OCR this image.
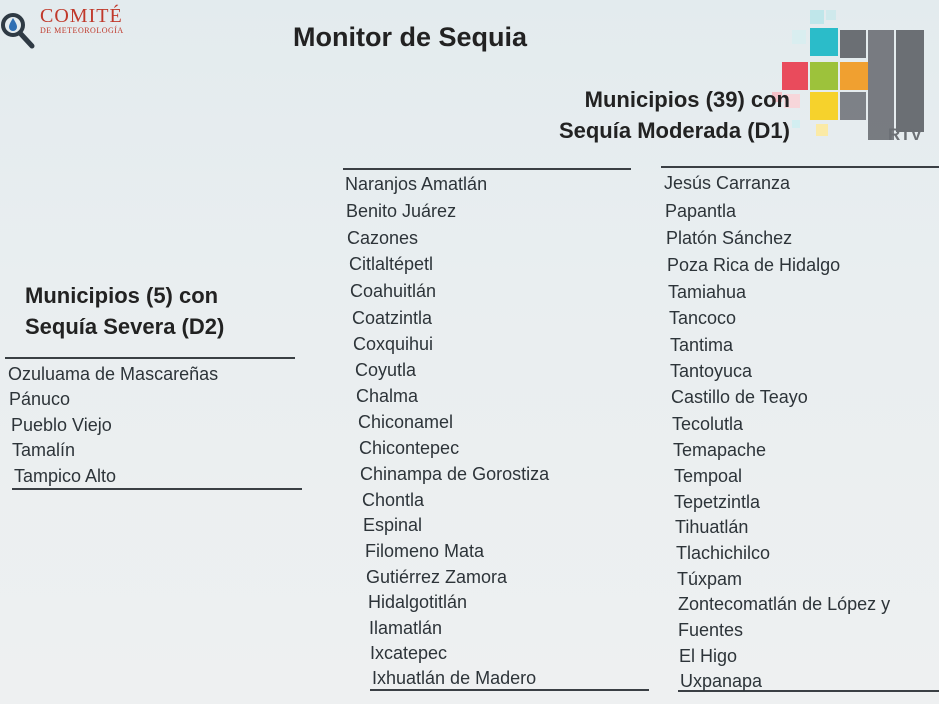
COMITÉ
DE METEOROLOGÍA	Monitor de Sequia
RTV
Municipios (39) con
Sequía Moderada (D1)
Municipios (5) con
Sequía Severa (D2)
Ozuluama de Mascareñas
Pánuco
Pueblo Viejo
Tamalín
Tampico Alto
Naranjos Amatlán
Benito Juárez
Cazones
Citlaltépetl
Coahuitlán
Coatzintla
Coxquihui
Coyutla
Chalma
Chiconamel
Chicontepec
Chinampa de Gorostiza
Chontla
Espinal
Filomeno Mata
Gutiérrez Zamora
Hidalgotitlán
Ilamatlán
Ixcatepec
Ixhuatlán de Madero
Jesús Carranza
Papantla
Platón Sánchez
Poza Rica de Hidalgo
Tamiahua
Tancoco
Tantima
Tantoyuca
Castillo de Teayo
Tecolutla
Temapache
Tempoal
Tepetzintla
Tihuatlán
Tlachichilco
Túxpam
Zontecomatlán de López y
Fuentes
El Higo
Uxpanapa
